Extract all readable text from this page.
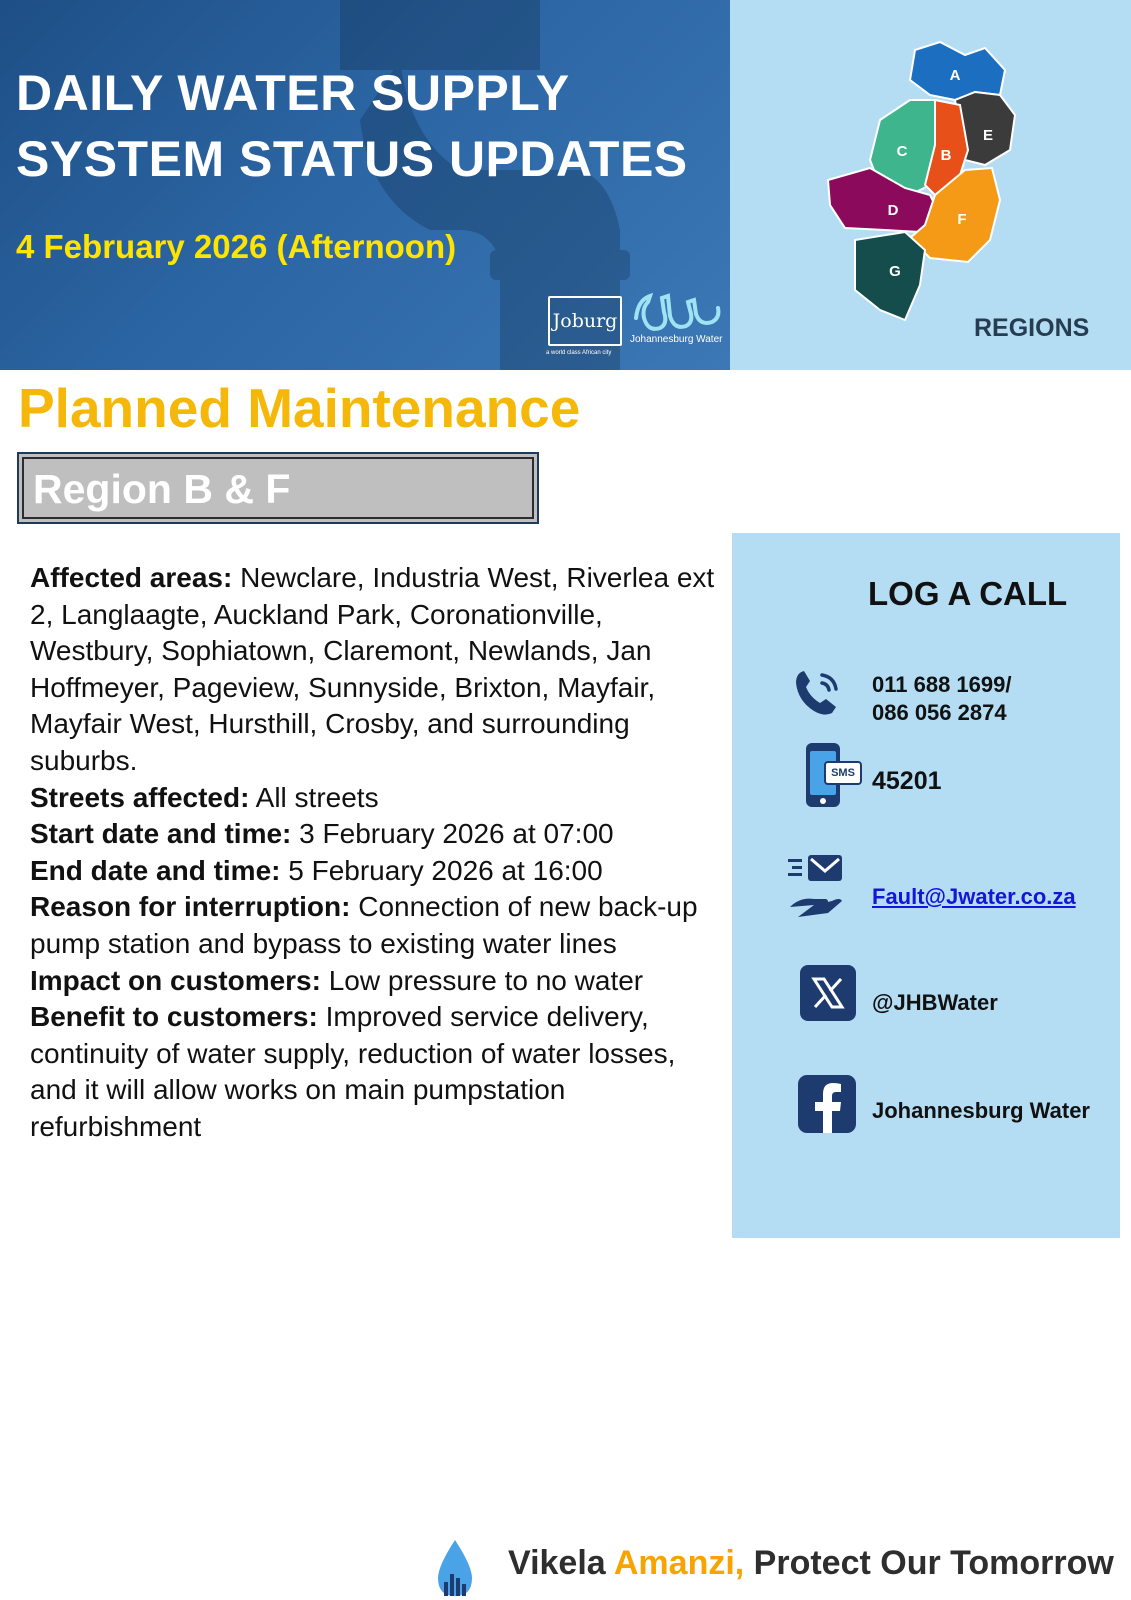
DAILY WATER SUPPLY
SYSTEM STATUS UPDATES
4 February 2026 (Afternoon)
Joburg
a world class African city
Johannesburg Water
A
E
C B
D
F
G
REGIONS
Planned Maintenance
Region B & F

Affected areas: Newclare, Industria West, Riverlea ext 2, Langlaagte, Auckland Park, Coronationville, Westbury, Sophiatown, Claremont, Newlands, Jan Hoffmeyer, Pageview, Sunnyside, Brixton, Mayfair, Mayfair West, Hursthill, Crosby, and surrounding suburbs.

Streets affected: All streets

Start date and time: 3 February 2026 at 07:00

End date and time: 5 February 2026 at 16:00

Reason for interruption: Connection of new back-up pump station and bypass to existing water lines

Impact on customers: Low pressure to no water

Benefit to customers: Improved service delivery, continuity of water supply, reduction of water losses, and it will allow works on main pumpstation refurbishment

LOG A CALL
011 688 1699/
086 056 2874
SMS 45201
Fault@Jwater.co.za
@JHBWater
Johannesburg Water
Vikela Amanzi, Protect Our Tomorrow
